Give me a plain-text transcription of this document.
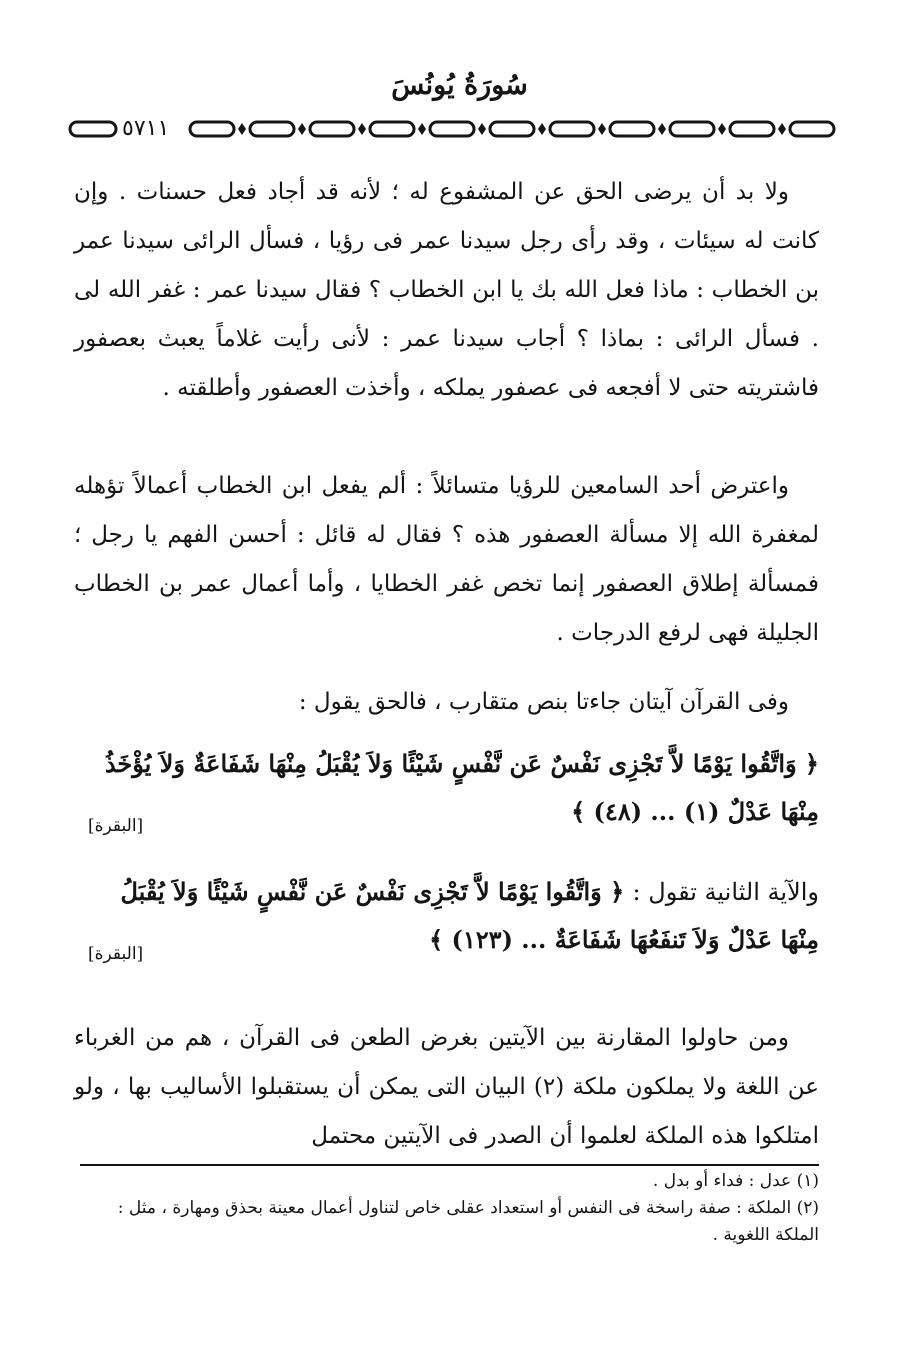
سُورَةُ يُونُسَ
٥٧١١

ولا بد أن يرضى الحق عن المشفوع له ؛ لأنه قد أجاد فعل حسنات . وإن كانت له سيئات ، وقد رأى رجل سيدنا عمر فى رؤيا ، فسأل الرائى سيدنا عمر بن الخطاب : ماذا فعل الله بك يا ابن الخطاب ؟ فقال سيدنا عمر : غفر الله لى . فسأل الرائى : بماذا ؟ أجاب سيدنا عمر : لأنى رأيت غلاماً يعبث بعصفور فاشتريته حتى لا أفجعه فى عصفور يملكه ، وأخذت العصفور وأطلقته .

واعترض أحد السامعين للرؤيا متسائلاً : ألم يفعل ابن الخطاب أعمالاً تؤهله لمغفرة الله إلا مسألة العصفور هذه ؟ فقال له قائل : أحسن الفهم يا رجل ؛ فمسألة إطلاق العصفور إنما تخص غفر الخطايا ، وأما أعمال عمر بن الخطاب الجليلة فهى لرفع الدرجات .

وفى القرآن آيتان جاءتا بنص متقارب ، فالحق يقول :

﴿ وَاتَّقُوا يَوْمًا لاَّ تَجْزِى نَفْسٌ عَن نَّفْسٍ شَيْئًا وَلاَ يُقْبَلُ مِنْهَا شَفَاعَةٌ وَلاَ يُؤْخَذُ مِنْهَا عَدْلٌ (١) ... (٤٨) ﴾
[البقرة]
والآية الثانية تقول : ﴿ وَاتَّقُوا يَوْمًا لاَّ تَجْزِى نَفْسٌ عَن نَّفْسٍ شَيْئًا وَلاَ يُقْبَلُ مِنْهَا عَدْلٌ وَلاَ تَنفَعُهَا شَفَاعَةٌ ... (١٢٣) ﴾
[البقرة]

ومن حاولوا المقارنة بين الآيتين بغرض الطعن فى القرآن ، هم من الغرباء عن اللغة ولا يملكون ملكة (٢) البيان التى يمكن أن يستقبلوا الأساليب بها ، ولو امتلكوا هذه الملكة لعلموا أن الصدر فى الآيتين محتمل

(١) عدل : فداء أو بدل .

(٢) الملكة : صفة راسخة فى النفس أو استعداد عقلى خاص لتناول أعمال معينة بحذق ومهارة ، مثل : الملكة اللغوية .
